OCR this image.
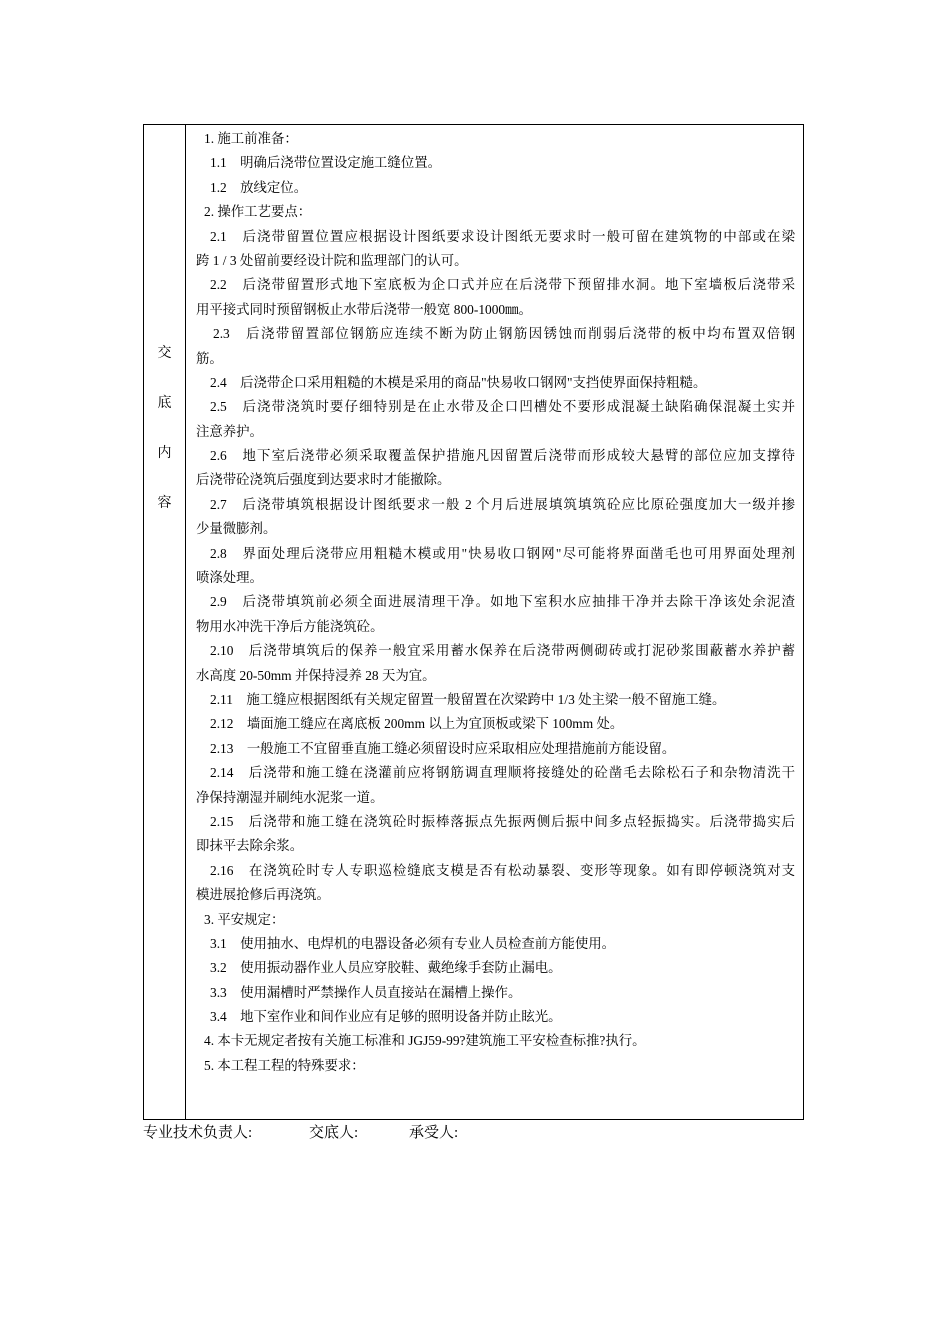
交
底
内
容
1. 施工前准备：
1.1　明确后浇带位置设定施工缝位置。
1.2　放线定位。
2. 操作工艺要点：
2.1　后浇带留置位置应根据设计图纸要求设计图纸无要求时一般可留在建筑物的中部或在梁
跨 1 / 3 处留前要经设计院和监理部门的认可。
2.2　后浇带留置形式地下室底板为企口式并应在后浇带下预留排水洞。地下室墙板后浇带采
用平接式同时预留钢板止水带后浇带一般宽 800-1000㎜。
2.3　后浇带留置部位钢筋应连续不断为防止钢筋因锈蚀而削弱后浇带的板中均布置双倍钢
筋。
2.4　后浇带企口采用粗糙的木模是采用的商品"快易收口钢网"支挡使界面保持粗糙。
2.5　后浇带浇筑时要仔细特别是在止水带及企口凹槽处不要形成混凝土缺陷确保混凝土实并
注意养护。
2.6　地下室后浇带必须采取覆盖保护措施凡因留置后浇带而形成较大悬臂的部位应加支撑待
后浇带砼浇筑后强度到达要求时才能撤除。
2.7　后浇带填筑根据设计图纸要求一般 2 个月后进展填筑填筑砼应比原砼强度加大一级并掺
少量微膨剂。
2.8　界面处理后浇带应用粗糙木模或用"快易收口钢网"尽可能将界面凿毛也可用界面处理剂
喷涤处理。
2.9　后浇带填筑前必须全面进展清理干净。如地下室积水应抽排干净并去除干净该处余泥渣
物用水冲洗干净后方能浇筑砼。
2.10　后浇带填筑后的保养一般宜采用蓄水保养在后浇带两侧砌砖或打泥砂浆围蔽蓄水养护蓄
水高度 20-50mm 并保持浸养 28 天为宜。
2.11　施工缝应根据图纸有关规定留置一般留置在次梁跨中 1/3 处主梁一般不留施工缝。
2.12　墙面施工缝应在离底板 200mm 以上为宜顶板或梁下 100mm 处。
2.13　一般施工不宜留垂直施工缝必须留设时应采取相应处理措施前方能设留。
2.14　后浇带和施工缝在浇灌前应将钢筋调直理顺将接缝处的砼凿毛去除松石子和杂物清洗干
净保持潮湿并刷纯水泥浆一道。
2.15　后浇带和施工缝在浇筑砼时振棒落振点先振两侧后振中间多点轻振捣实。后浇带捣实后
即抹平去除余浆。
2.16　在浇筑砼时专人专职巡检缝底支模是否有松动暴裂、变形等现象。如有即停顿浇筑对支
模进展抢修后再浇筑。
3. 平安规定：
3.1　使用抽水、电焊机的电器设备必须有专业人员检查前方能使用。
3.2　使用振动器作业人员应穿胶鞋、戴绝缘手套防止漏电。
3.3　使用漏槽时严禁操作人员直接站在漏槽上操作。
3.4　地下室作业和间作业应有足够的照明设备并防止眩光。
4. 本卡无规定者按有关施工标准和 JGJ59-99?建筑施工平安检查标推?执行。
5. 本工程工程的特殊要求：
专业技术负责人:	交底人:	承受人:
